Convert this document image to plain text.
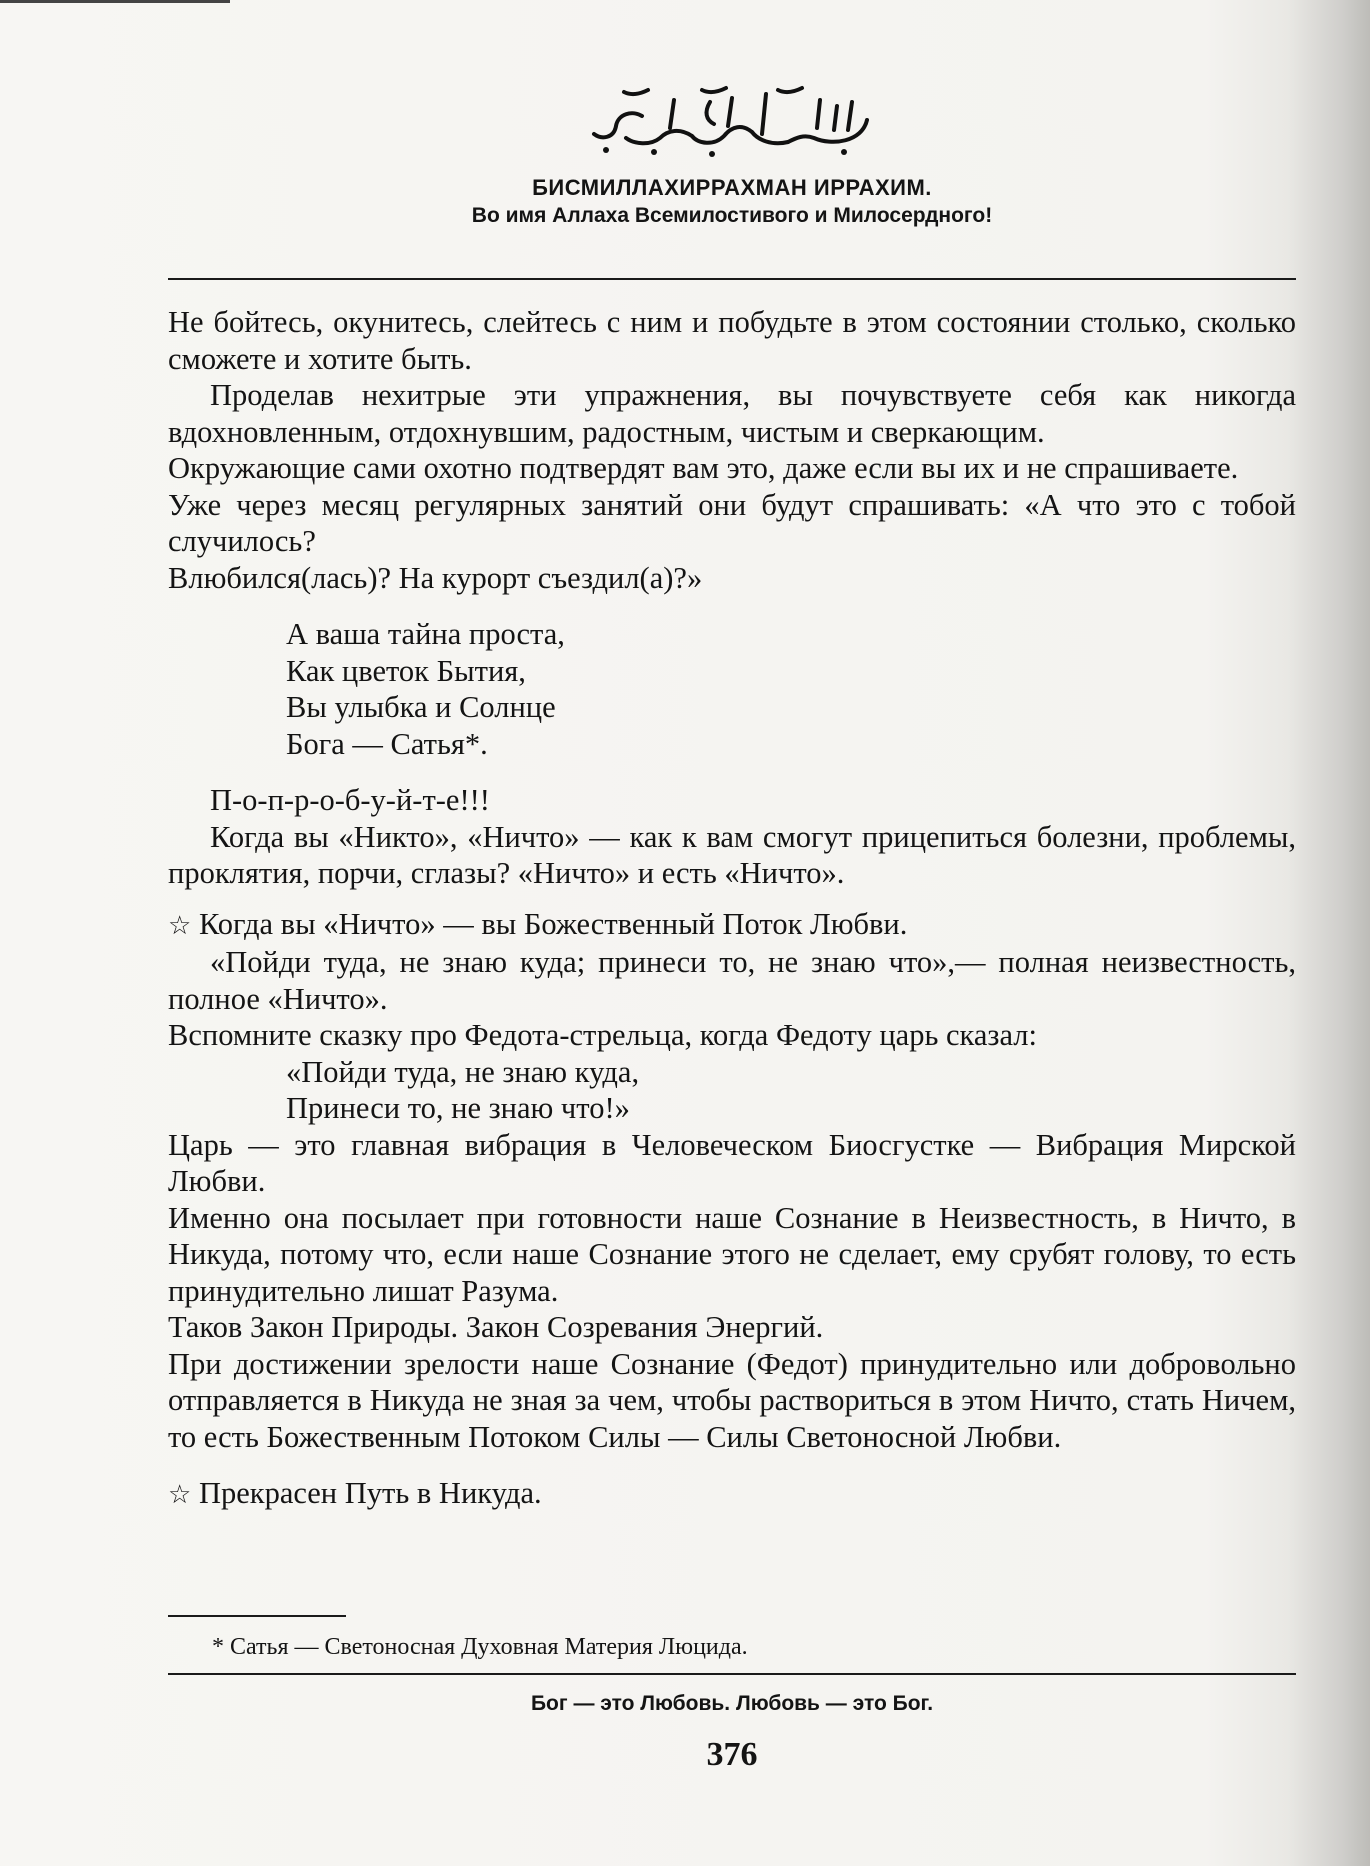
БИСМИЛЛАХИРРАХМАН ИРРАХИМ.
Во имя Аллаха Всемилостивого и Милосердного!

Не бойтесь, окунитесь, слейтесь с ним и побудьте в этом состоянии столько, сколько сможете и хотите быть.

Проделав нехитрые эти упражнения, вы почувствуете себя как никогда вдохновленным, отдохнувшим, радостным, чистым и сверкающим.

Окружающие сами охотно подтвердят вам это, даже если вы их и не спрашиваете.

Уже через месяц регулярных занятий они будут спрашивать: «А что это с тобой случилось?

Влюбился(лась)? На курорт съездил(а)?»

А ваша тайна проста,

Как цветок Бытия,

Вы улыбка и Солнце

Бога — Сатья*.

П-о-п-р-о-б-у-й-т-е!!!

Когда вы «Никто», «Ничто» — как к вам смогут прицепиться болезни, проблемы, проклятия, порчи, сглазы? «Ничто» и есть «Ничто».

☆ Когда вы «Ничто» — вы Божественный Поток Любви.

«Пойди туда, не знаю куда; принеси то, не знаю что»,— полная неизвестность, полное «Ничто».

Вспомните сказку про Федота-стрельца, когда Федоту царь сказал:

«Пойди туда, не знаю куда,

Принеси то, не знаю что!»

Царь — это главная вибрация в Человеческом Биосгустке — Вибрация Мирской Любви.

Именно она посылает при готовности наше Сознание в Неизвестность, в Ничто, в Никуда, потому что, если наше Сознание этого не сделает, ему срубят голову, то есть принудительно лишат Разума.

Таков Закон Природы. Закон Созревания Энергий.

При достижении зрелости наше Сознание (Федот) принудительно или добровольно отправляется в Никуда не зная за чем, чтобы раствориться в этом Ничто, стать Ничем, то есть Божественным Потоком Силы — Силы Светоносной Любви.

☆ Прекрасен Путь в Никуда.

* Сатья — Светоносная Духовная Материя Люцида.
Бог — это Любовь. Любовь — это Бог.
376
